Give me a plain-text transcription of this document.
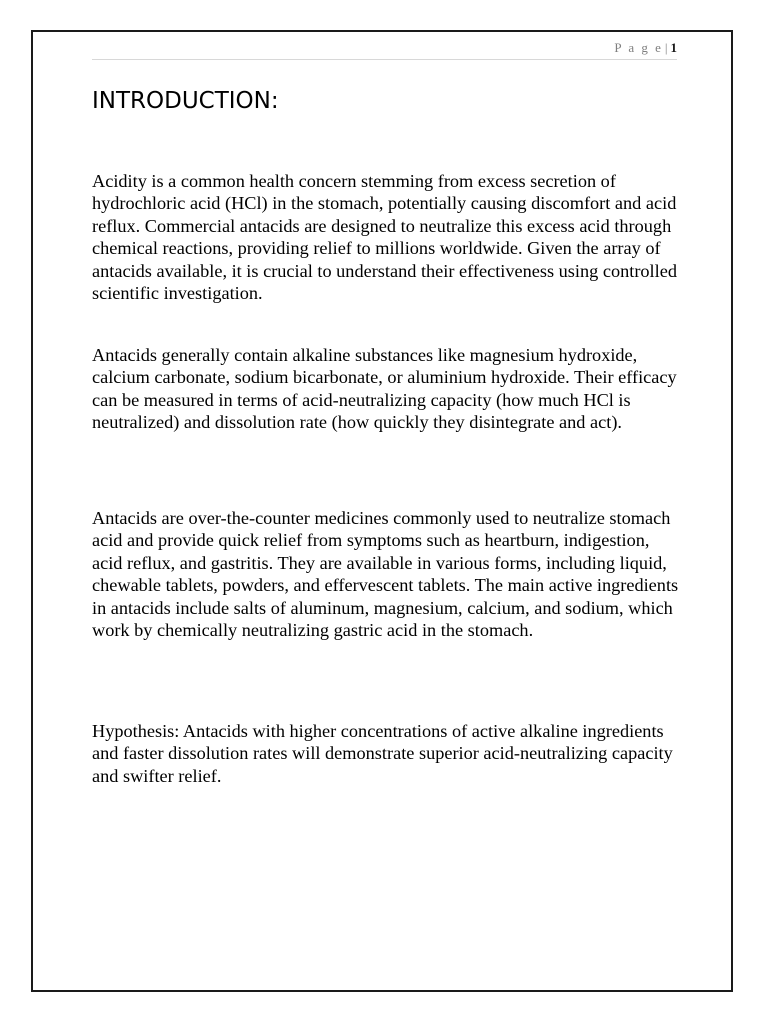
P a g e | 1
INTRODUCTION:

Acidity is a common health concern stemming from excess secretion of hydrochloric acid (HCl) in the stomach, potentially causing discomfort and acid reflux. Commercial antacids are designed to neutralize this excess acid through chemical reactions, providing relief to millions worldwide. Given the array of antacids available, it is crucial to understand their effectiveness using controlled scientific investigation.

Antacids generally contain alkaline substances like magnesium hydroxide, calcium carbonate, sodium bicarbonate, or aluminium hydroxide. Their efficacy can be measured in terms of acid-neutralizing capacity (how much HCl is neutralized) and dissolution rate (how quickly they disintegrate and act).

Antacids are over-the-counter medicines commonly used to neutralize stomach acid and provide quick relief from symptoms such as heartburn, indigestion, acid reflux, and gastritis. They are available in various forms, including liquid, chewable tablets, powders, and effervescent tablets. The main active ingredients in antacids include salts of aluminum, magnesium, calcium, and sodium, which work by chemically neutralizing gastric acid in the stomach.

Hypothesis: Antacids with higher concentrations of active alkaline ingredients and faster dissolution rates will demonstrate superior acid-neutralizing capacity and swifter relief.
